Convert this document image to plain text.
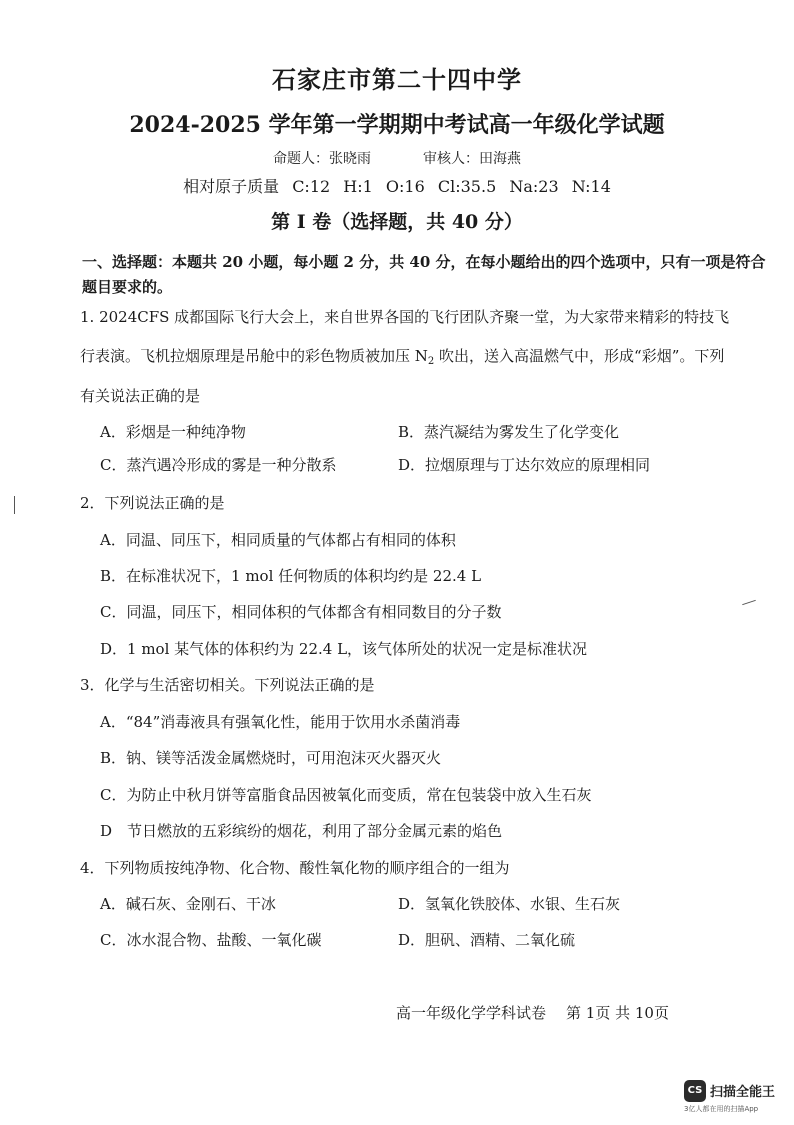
石家庄市第二十四中学
2024-2025 学年第一学期期中考试高一年级化学试题
命题人：张晓雨	审核人：田海燕
相对原子质量 C:12 H:1 O:16 Cl:35.5 Na:23 N:14
第 I 卷（选择题，共 40 分）
一、选择题：本题共 20 小题，每小题 2 分，共 40 分，在每小题给出的四个选项中，只有一项是符合题目要求的。
1. 2024CFS 成都国际飞行大会上，来自世界各国的飞行团队齐聚一堂，为大家带来精彩的特技飞
行表演。飞机拉烟原理是吊舱中的彩色物质被加压 $N_2$ 吹出，送入高温燃气中，形成“彩烟”。下列
有关说法正确的是
A．彩烟是一种纯净物	B．蒸汽凝结为雾发生了化学变化
C．蒸汽遇冷形成的雾是一种分散系	D．拉烟原理与丁达尔效应的原理相同
2．下列说法正确的是
A．同温、同压下，相同质量的气体都占有相同的体积
B．在标准状况下，1 mol 任何物质的体积均约是 22.4 L
C．同温，同压下，相同体积的气体都含有相同数目的分子数
D．1 mol 某气体的体积约为 22.4 L，该气体所处的状况一定是标准状况
3．化学与生活密切相关。下列说法正确的是
A．“84”消毒液具有强氧化性，能用于饮用水杀菌消毒
B．钠、镁等活泼金属燃烧时，可用泡沫灭火器灭火
C．为防止中秋月饼等富脂食品因被氧化而变质，常在包装袋中放入生石灰
D　节日燃放的五彩缤纷的烟花，利用了部分金属元素的焰色
4．下列物质按纯净物、化合物、酸性氧化物的顺序组合的一组为
A．碱石灰、金刚石、干冰	D．氢氧化铁胶体、水银、生石灰
C．冰水混合物、盐酸、一氧化碳	D．胆矾、酒精、二氧化硫
高一年级化学学科试卷 第 1页 共 10页
CS 扫描全能王
3亿人都在用的扫描App
